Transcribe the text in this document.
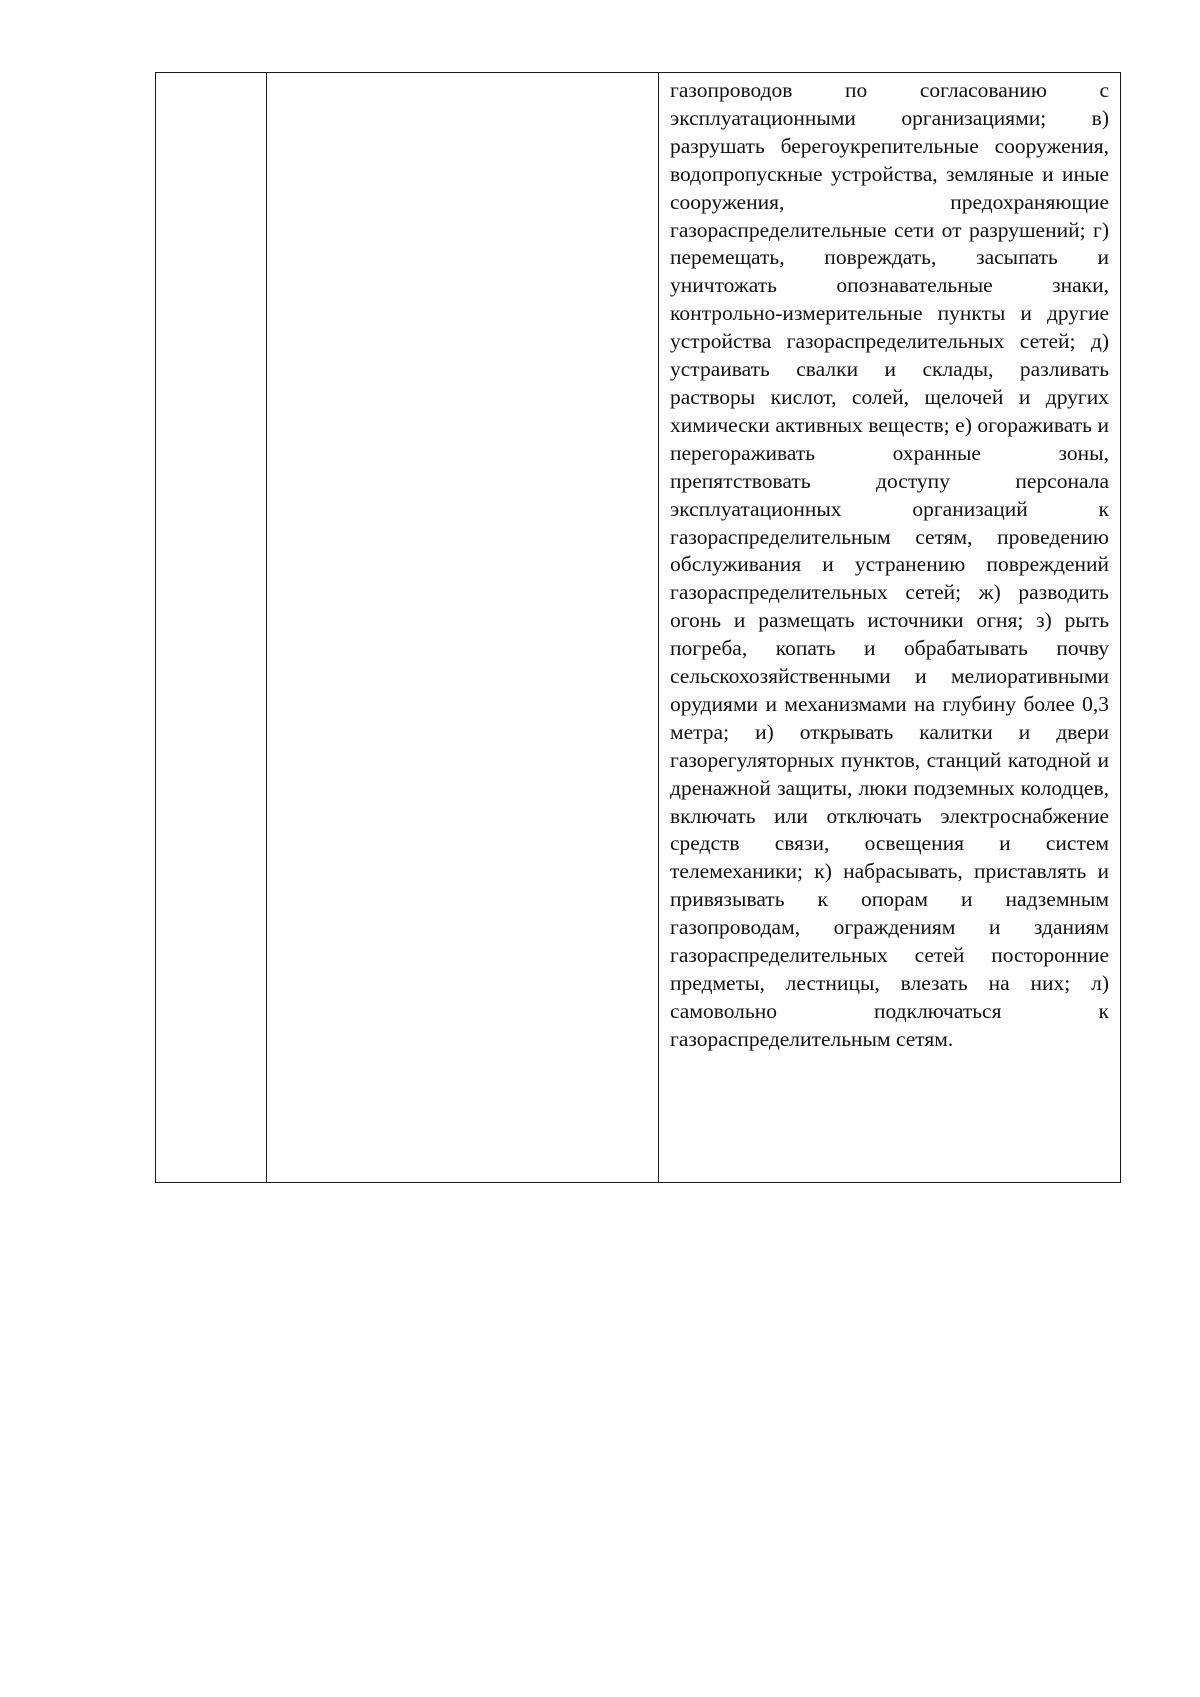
газопроводов по согласованию с эксплуатационными организациями; в) разрушать берегоукрепительные сооружения, водопропускные устройства, земляные и иные сооружения, предохраняющие газораспределительные сети от разрушений; г) перемещать, повреждать, засыпать и уничтожать опознавательные знаки, контрольно-измерительные пункты и другие устройства газораспределительных сетей; д) устраивать свалки и склады, разливать растворы кислот, солей, щелочей и других химически активных веществ; е) огораживать и перегораживать охранные зоны, препятствовать доступу персонала эксплуатационных организаций к газораспределительным сетям, проведению обслуживания и устранению повреждений газораспределительных сетей; ж) разводить огонь и размещать источники огня; з) рыть погреба, копать и обрабатывать почву сельскохозяйственными и мелиоративными орудиями и механизмами на глубину более 0,3 метра; и) открывать калитки и двери газорегуляторных пунктов, станций катодной и дренажной защиты, люки подземных колодцев, включать или отключать электроснабжение средств связи, освещения и систем телемеханики; к) набрасывать, приставлять и привязывать к опорам и надземным газопроводам, ограждениям и зданиям газораспределительных сетей посторонние предметы, лестницы, влезать на них; л) самовольно подключаться к газораспределительным сетям.
